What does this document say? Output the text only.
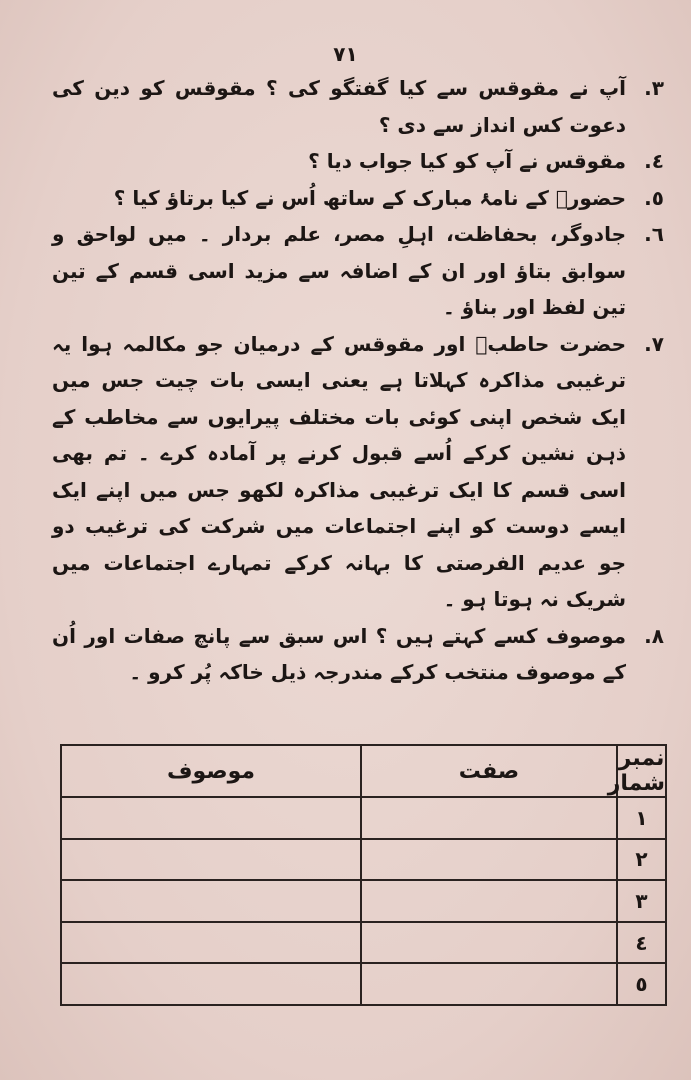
٧١
٣.
آپ نے مقوقس سے کیا گفتگو کی ؟ مقوقس کو دین کی دعوت کس انداز سے دی ؟
٤.
مقوقس نے آپ کو کیا جواب دیا ؟
٥.
حضورؐ کے نامۂ مبارک کے ساتھ اُس نے کیا برتاؤ کیا ؟
٦.
جادوگر، بحفاظت، اہلِ مصر، علم بردار ۔ میں لواحق و سوابق بتاؤ اور ان کے اضافہ سے مزید اسی قسم کے تین تین لفظ اور بناؤ ۔
٧.
حضرت حاطبؓ اور مقوقس کے درمیان جو مکالمہ ہوا یہ ترغیبی مذاکرہ کہلاتا ہے یعنی ایسی بات چیت جس میں ایک شخص اپنی کوئی بات مختلف پیرایوں سے مخاطب کے ذہن نشین کرکے اُسے قبول کرنے پر آمادہ کرے ۔ تم بھی اسی قسم کا ایک ترغیبی مذاکرہ لکھو جس میں اپنے ایک ایسے دوست کو اپنے اجتماعات میں شرکت کی ترغیب دو جو عدیم الفرصتی کا بہانہ کرکے تمہارے اجتماعات میں شریک نہ ہوتا ہو ۔
٨.
موصوف کسے کہتے ہیں ؟ اس سبق سے پانچ صفات اور اُن کے موصوف منتخب کرکے مندرجہ ذیل خاکہ پُر کرو ۔
نمبر شمار	صفت	موصوف
١		
٢		
٣		
٤		
٥		
